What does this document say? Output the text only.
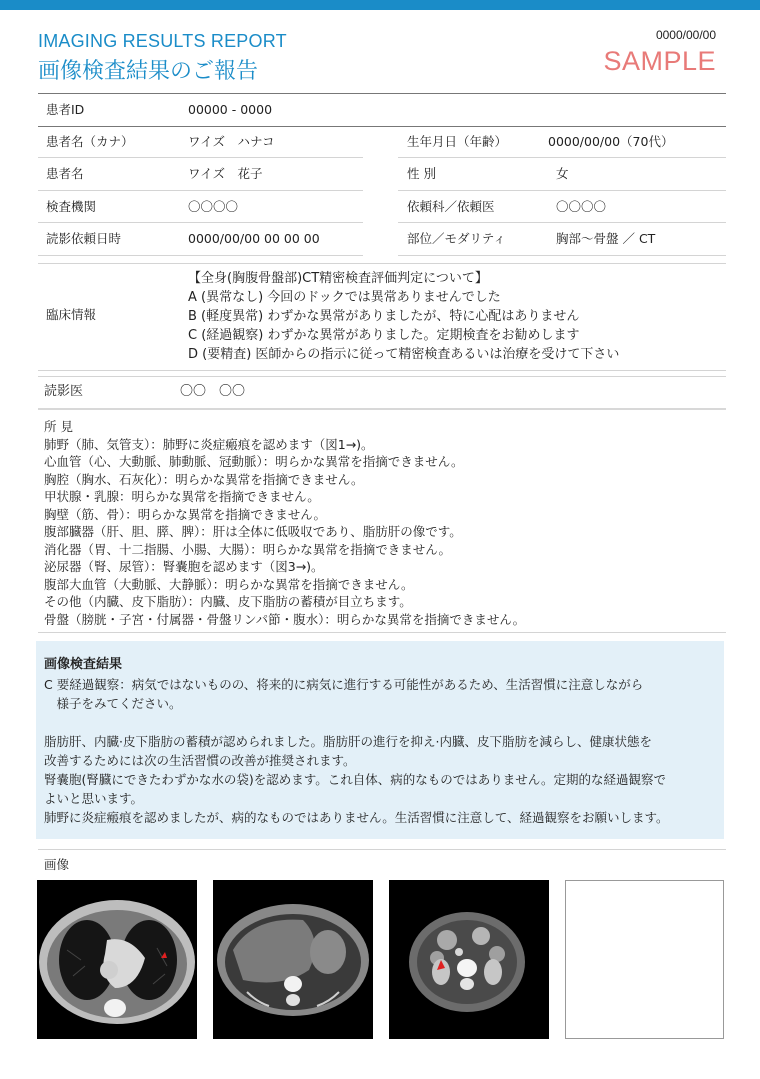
IMAGING RESULTS REPORT
画像検査結果のご報告
0000/00/00
SAMPLE
患者ID	00000 - 0000
患者名（カナ）	ワイズ　ハナコ	生年月日（年齢）	0000/00/00（70代）
患者名	ワイズ　花子	性 別	女
検査機関	〇〇〇〇	依頼科／依頼医	〇〇〇〇
読影依頼日時	0000/00/00 00 00 00	部位／モダリティ	胸部〜骨盤 ／ CT
臨床情報
【全身(胸腹骨盤部)CT精密検査評価判定について】
A (異常なし) 今回のドックでは異常ありませんでした
B (軽度異常) わずかな異常がありましたが、特に心配はありません
C (経過観察) わずかな異常がありました。定期検査をお勧めします
D (要精査) 医師からの指示に従って精密検査あるいは治療を受けて下さい
読影医	〇〇　〇〇
所 見
肺野（肺、気管支）：肺野に炎症瘢痕を認めます（図1→)。
心血管（心、大動脈、肺動脈、冠動脈）：明らかな異常を指摘できません。
胸腔（胸水、石灰化）：明らかな異常を指摘できません。
甲状腺・乳腺：明らかな異常を指摘できません。
胸壁（筋、骨）：明らかな異常を指摘できません。
腹部臓器（肝、胆、膵、脾）：肝は全体に低吸収であり、脂肪肝の像です。
消化器（胃、十二指腸、小腸、大腸）：明らかな異常を指摘できません。
泌尿器（腎、尿管）：腎嚢胞を認めます（図3→)。
腹部大血管（大動脈、大静脈）：明らかな異常を指摘できません。
その他（内臓、皮下脂肪）：内臓、皮下脂肪の蓄積が目立ちます。
骨盤（膀胱・子宮・付属器・骨盤リンパ節・腹水）：明らかな異常を指摘できません。
画像検査結果
C 要経過観察：病気ではないものの、将来的に病気に進行する可能性があるため、生活習慣に注意しながら
　様子をみてください。
脂肪肝、内臓·皮下脂肪の蓄積が認められました。脂肪肝の進行を抑え·内臓、皮下脂肪を減らし、健康状態を
改善するためには次の生活習慣の改善が推奨されます。
腎嚢胞(腎臓にできたわずかな水の袋)を認めます。これ自体、病的なものではありません。定期的な経過観察で
よいと思います。
肺野に炎症瘢痕を認めましたが、病的なものではありません。生活習慣に注意して、経過観察をお願いします。
画像
